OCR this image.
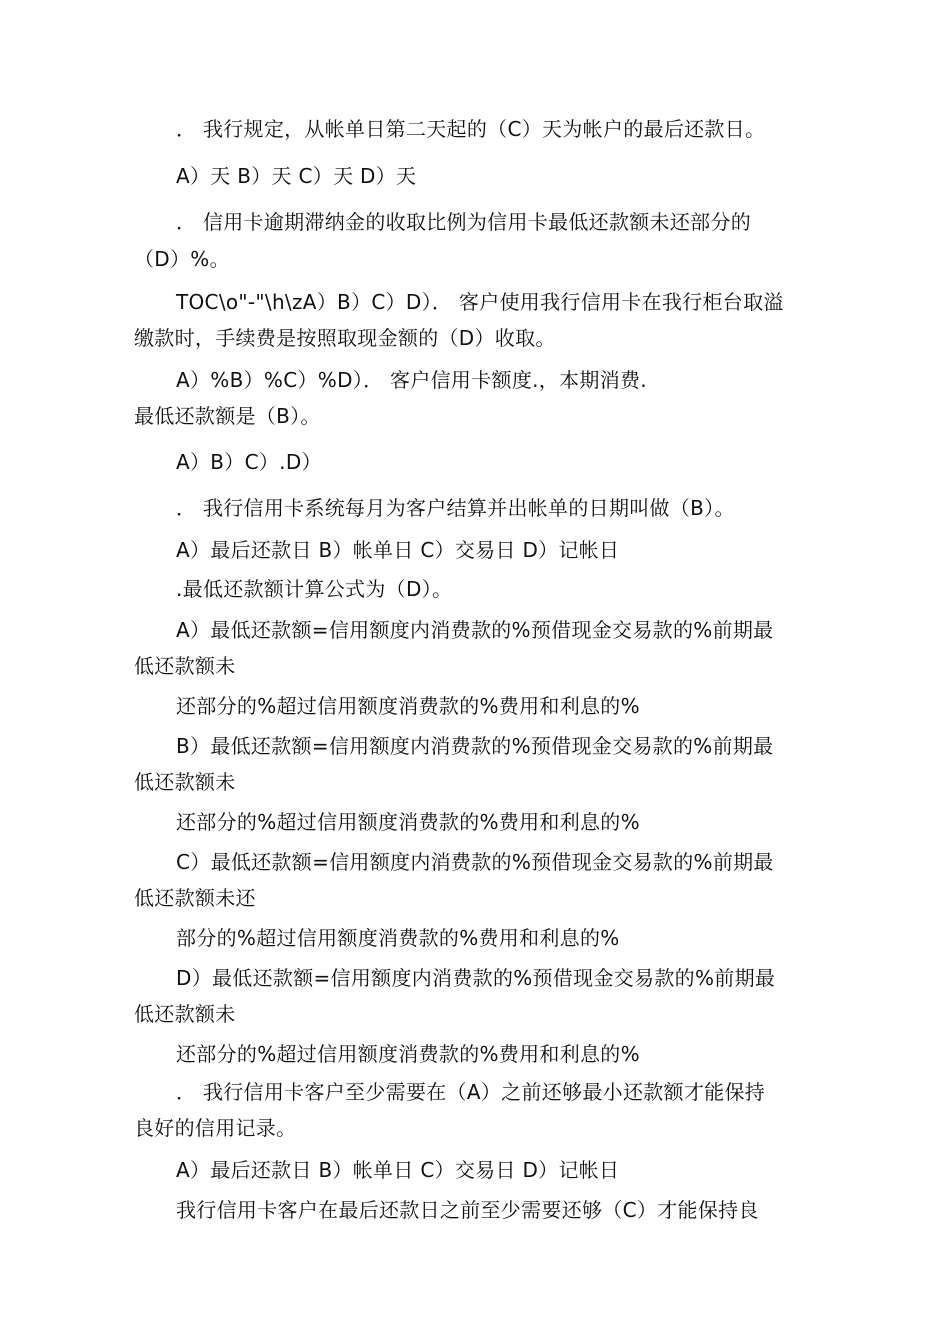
． 我行规定，从帐单日第二天起的（C）天为帐户的最后还款日。
A）天 B）天 C）天 D）天
． 信用卡逾期滞纳金的收取比例为信用卡最低还款额未还部分的
（D）%。
TOC\o"-"\h\zA）B）C）D）． 客户使用我行信用卡在我行柜台取溢
缴款时，手续费是按照取现金额的（D）收取。
A）%B）%C）%D）． 客户信用卡额度.，本期消费.
最低还款额是（B）。
A）B）C）.D）
． 我行信用卡系统每月为客户结算并出帐单的日期叫做（B）。
A）最后还款日 B）帐单日 C）交易日 D）记帐日
.最低还款额计算公式为（D）。
A）最低还款额=信用额度内消费款的%预借现金交易款的%前期最
低还款额未
还部分的%超过信用额度消费款的%费用和利息的%
B）最低还款额=信用额度内消费款的%预借现金交易款的%前期最
低还款额未
还部分的%超过信用额度消费款的%费用和利息的%
C）最低还款额=信用额度内消费款的%预借现金交易款的%前期最
低还款额未还
部分的%超过信用额度消费款的%费用和利息的%
D）最低还款额=信用额度内消费款的%预借现金交易款的%前期最
低还款额未
还部分的%超过信用额度消费款的%费用和利息的%
． 我行信用卡客户至少需要在（A）之前还够最小还款额才能保持
良好的信用记录。
A）最后还款日 B）帐单日 C）交易日 D）记帐日
我行信用卡客户在最后还款日之前至少需要还够（C）才能保持良
